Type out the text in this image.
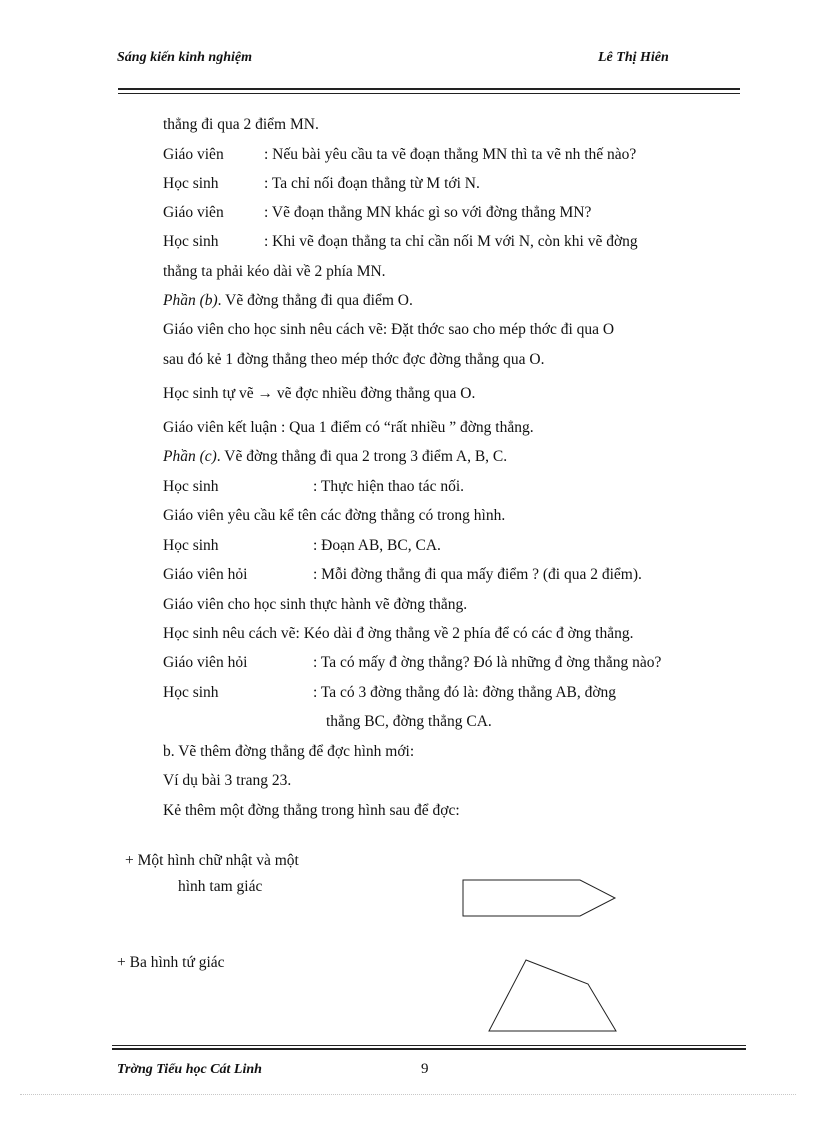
Sáng kiến kinh nghiệm	Lê Thị Hiên
thẳng đi qua 2 điểm MN.
Giáo viên	: Nếu bài yêu cầu ta vẽ đoạn thẳng MN thì ta vẽ nh thế nào?
Học sinh	: Ta chỉ nối đoạn thẳng từ M tới N.
Giáo viên	: Vẽ đoạn thẳng MN khác gì so với đờng thẳng MN?
Học sinh	: Khi vẽ đoạn thẳng ta chỉ cần nối M với N, còn khi vẽ đờng
thẳng ta phải kéo dài về 2 phía MN.
Phần (b). Vẽ đờng thẳng đi qua điểm O.
Giáo viên cho học sinh nêu cách vẽ: Đặt thớc sao cho mép thớc đi qua O
sau đó kẻ 1 đờng thẳng theo mép thớc đợc đờng thẳng qua O.
Học sinh tự vẽ → vẽ đợc nhiều đờng thẳng qua O.
Giáo viên kết luận : Qua 1 điểm có “rất nhiều ” đờng thẳng.
Phần (c). Vẽ đờng thẳng đi qua 2 trong 3 điểm A, B, C.
Học sinh	: Thực hiện thao tác nối.
Giáo viên yêu cầu kể tên các đờng thẳng có trong hình.
Học sinh	: Đoạn AB, BC, CA.
Giáo viên hỏi	: Mỗi đờng thẳng đi qua mấy điểm ? (đi qua 2 điểm).
Giáo viên cho học sinh thực hành vẽ đờng thẳng.
Học sinh nêu cách vẽ: Kéo dài đ ờng thẳng về 2 phía để có các đ ờng thẳng.
Giáo viên hỏi	: Ta có mấy đ ờng thẳng? Đó là những đ ờng thẳng nào?
Học sinh	: Ta có 3 đờng thẳng đó là: đờng thẳng AB, đờng
thẳng BC, đờng thẳng CA.
b. Vẽ thêm đờng thẳng để đợc hình mới:
Ví dụ bài 3 trang 23.
Kẻ thêm một đờng thẳng trong hình sau để đợc:
+ Một hình chữ nhật và một
hình tam giác
+ Ba hình tứ giác
Trờng Tiểu học Cát Linh	9
